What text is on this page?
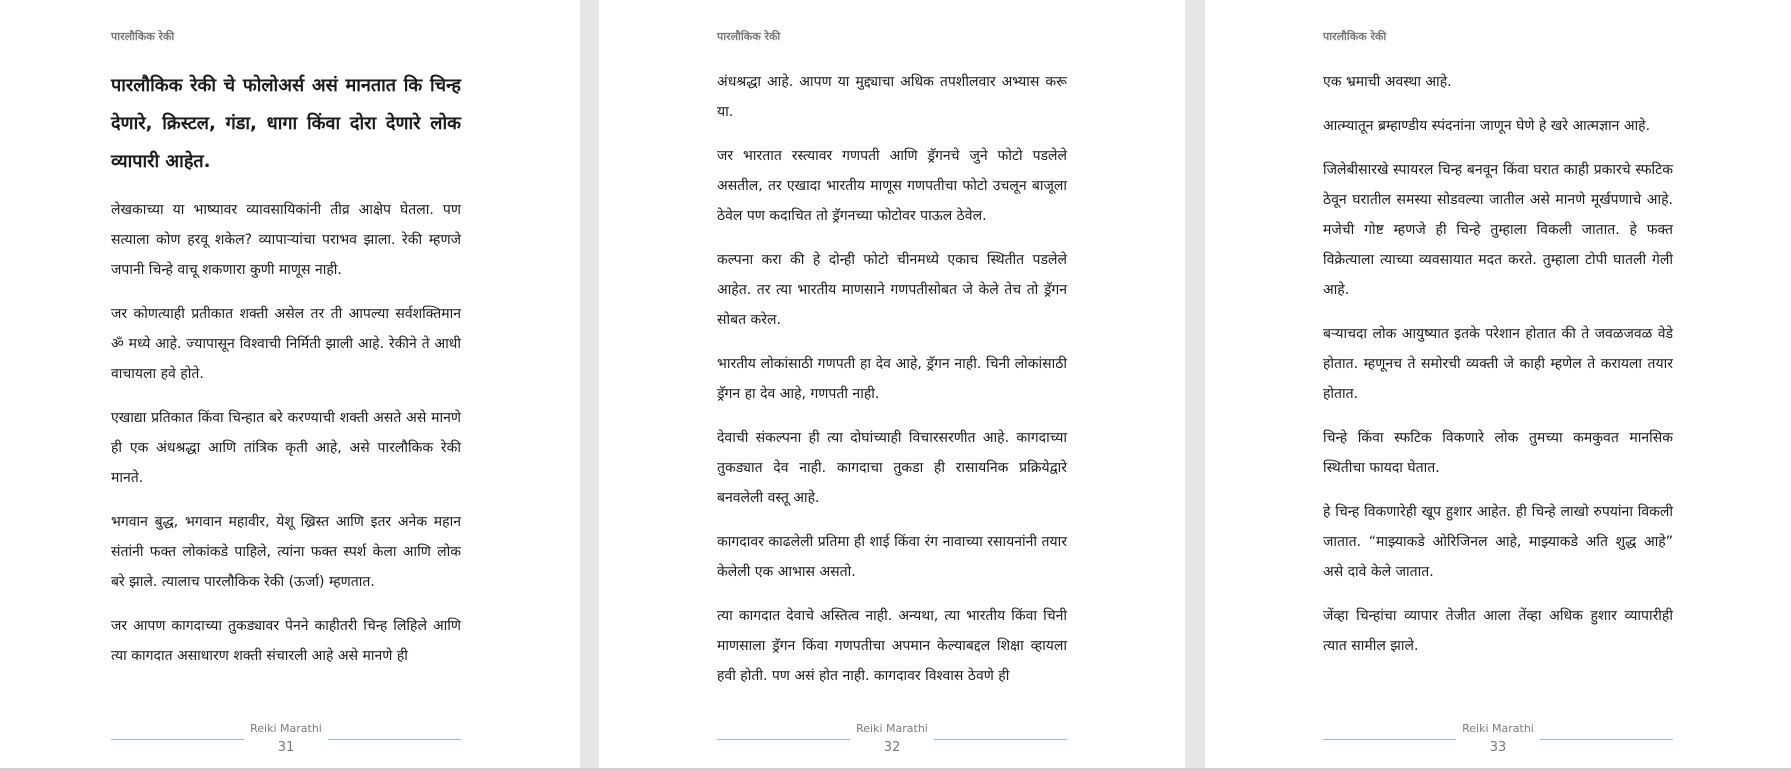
पारलौकिक रेकी
पारलौकिक रेकी चे फोलोअर्स असं मानतात कि चिन्ह देणारे, क्रिस्टल, गंडा, धागा किंवा दोरा देणारे लोक व्यापारी आहेत.
लेखकाच्या या भाष्यावर व्यावसायिकांनी तीव्र आक्षेप घेतला. पण सत्याला कोण हरवू शकेल? व्यापाऱ्यांचा पराभव झाला. रेकी म्हणजे जपानी चिन्हे वाचू शकणारा कुणी माणूस नाही.
जर कोणत्याही प्रतीकात शक्ती असेल तर ती आपल्या सर्वशक्तिमान ॐ मध्ये आहे. ज्यापासून विश्वाची निर्मिती झाली आहे. रेकीने ते आधी वाचायला हवे होते.
एखाद्या प्रतिकात किंवा चिन्हात बरे करण्याची शक्ती असते असे मानणे ही एक अंधश्रद्धा आणि तांत्रिक कृती आहे, असे पारलौकिक रेकी मानते.
भगवान बुद्ध, भगवान महावीर, येशू ख्रिस्त आणि इतर अनेक महान संतांनी फक्त लोकांकडे पाहिले, त्यांना फक्त स्पर्श केला आणि लोक बरे झाले. त्यालाच पारलौकिक रेकी (ऊर्जा) म्हणतात.
जर आपण कागदाच्या तुकड्यावर पेनने काहीतरी चिन्ह लिहिले आणि त्या कागदात असाधारण शक्ती संचारली आहे असे मानणे ही
Reiki Marathi
31
पारलौकिक रेकी
अंधश्रद्धा आहे. आपण या मुद्द्याचा अधिक तपशीलवार अभ्यास करू या.
जर भारतात रस्त्यावर गणपती आणि ड्रॅगनचे जुने फोटो पडलेले असतील, तर एखादा भारतीय माणूस गणपतीचा फोटो उचलून बाजूला ठेवेल पण कदाचित तो ड्रॅगनच्या फोटोवर पाऊल ठेवेल.
कल्पना करा की हे दोन्ही फोटो चीनमध्ये एकाच स्थितीत पडलेले आहेत. तर त्या भारतीय माणसाने गणपतीसोबत जे केले तेच तो ड्रॅगन सोबत करेल.
भारतीय लोकांसाठी गणपती हा देव आहे, ड्रॅगन नाही. चिनी लोकांसाठी ड्रॅगन हा देव आहे, गणपती नाही.
देवाची संकल्पना ही त्या दोघांच्याही विचारसरणीत आहे. कागदाच्या तुकड्यात देव नाही. कागदाचा तुकडा ही रासायनिक प्रक्रियेद्वारे बनवलेली वस्तू आहे.
कागदावर काढलेली प्रतिमा ही शाई किंवा रंग नावाच्या रसायनांनी तयार केलेली एक आभास असतो.
त्या कागदात देवाचे अस्तित्व नाही. अन्यथा, त्या भारतीय किंवा चिनी माणसाला ड्रॅगन किंवा गणपतीचा अपमान केल्याबद्दल शिक्षा व्हायला हवी होती. पण असं होत नाही. कागदावर विश्वास ठेवणे ही
Reiki Marathi
32
पारलौकिक रेकी
एक भ्रमाची अवस्था आहे.
आत्म्यातून ब्रम्हाण्डीय स्पंदनांना जाणून घेणे हे खरे आत्मज्ञान आहे.
जिलेबीसारखे स्पायरल चिन्ह बनवून किंवा घरात काही प्रकारचे स्फटिक ठेवून घरातील समस्या सोडवल्या जातील असे मानणे मूर्खपणाचे आहे. मजेची गोष्ट म्हणजे ही चिन्हे तुम्हाला विकली जातात. हे फक्त विक्रेत्याला त्याच्या व्यवसायात मदत करते. तुम्हाला टोपी घातली गेली आहे.
बऱ्याचदा लोक आयुष्यात इतके परेशान होतात की ते जवळजवळ वेडे होतात. म्हणूनच ते समोरची व्यक्ती जे काही म्हणेल ते करायला तयार होतात.
चिन्हे किंवा स्फटिक विकणारे लोक तुमच्या कमकुवत मानसिक स्थितीचा फायदा घेतात.
हे चिन्ह विकणारेही खूप हुशार आहेत. ही चिन्हे लाखो रुपयांना विकली जातात. “माझ्याकडे ओरिजिनल आहे, माझ्याकडे अति शुद्ध आहे” असे दावे केले जातात.
जेंव्हा चिन्हांचा व्यापार तेजीत आला तेंव्हा अधिक हुशार व्यापारीही त्यात सामील झाले.
Reiki Marathi
33
